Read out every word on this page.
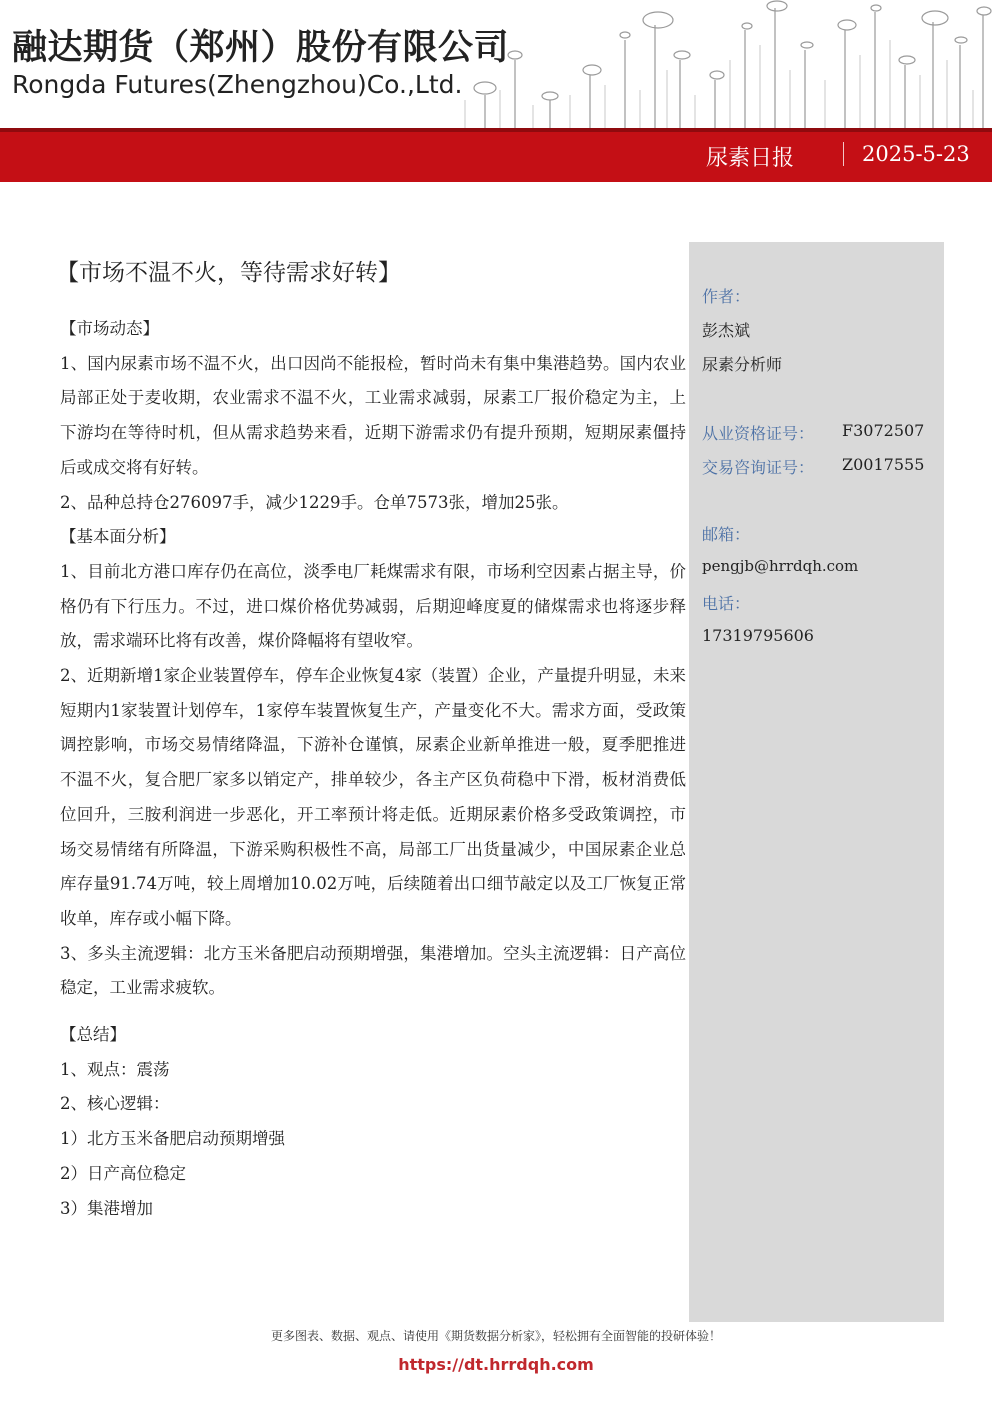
融达期货（郑州）股份有限公司
Rongda Futures(Zhengzhou)Co.,Ltd.
尿素日报	2025-5-23
作者：
彭杰斌
尿素分析师
从业资格证号： F3072507
交易咨询证号： Z0017555
邮箱：
pengjb@hrrdqh.com
电话：
17319795606
【市场不温不火，等待需求好转】
【市场动态】

1、国内尿素市场不温不火，出口因尚不能报检，暂时尚未有集中集港趋势。国内农业局部正处于麦收期，农业需求不温不火，工业需求减弱，尿素工厂报价稳定为主，上下游均在等待时机，但从需求趋势来看，近期下游需求仍有提升预期，短期尿素僵持后或成交将有好转。

2、品种总持仓276097手，减少1229手。仓单7573张，增加25张。

【基本面分析】

1、目前北方港口库存仍在高位，淡季电厂耗煤需求有限，市场利空因素占据主导，价格仍有下行压力。不过，进口煤价格优势减弱，后期迎峰度夏的储煤需求也将逐步释放，需求端环比将有改善，煤价降幅将有望收窄。

2、近期新增1家企业装置停车，停车企业恢复4家（装置）企业，产量提升明显，未来短期内1家装置计划停车，1家停车装置恢复生产，产量变化不大。需求方面，受政策调控影响，市场交易情绪降温，下游补仓谨慎，尿素企业新单推进一般，夏季肥推进不温不火，复合肥厂家多以销定产，排单较少，各主产区负荷稳中下滑，板材消费低位回升，三胺利润进一步恶化，开工率预计将走低。近期尿素价格多受政策调控，市场交易情绪有所降温，下游采购积极性不高，局部工厂出货量减少，中国尿素企业总库存量91.74万吨，较上周增加10.02万吨，后续随着出口细节敲定以及工厂恢复正常收单，库存或小幅下降。

3、多头主流逻辑：北方玉米备肥启动预期增强，集港增加。空头主流逻辑：日产高位稳定，工业需求疲软。

【总结】

1、观点：震荡

2、核心逻辑：

1）北方玉米备肥启动预期增强

2）日产高位稳定

3）集港增加

更多图表、数据、观点、请使用《期货数据分析家》，轻松拥有全面智能的投研体验！
https://dt.hrrdqh.com
